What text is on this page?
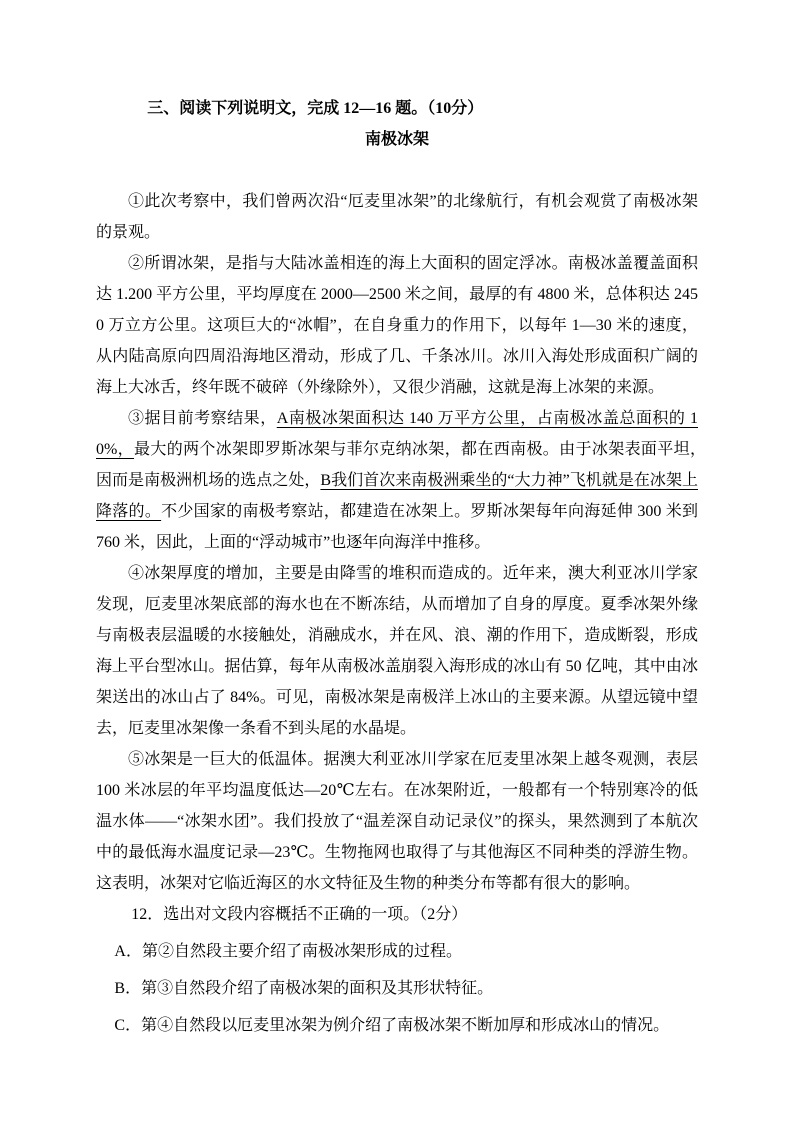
三、阅读下列说明文，完成 12—16 题。（10分）

南极冰架

①此次考察中，我们曾两次沿“厄麦里冰架”的北缘航行，有机会观赏了南极冰架的景观。

②所谓冰架，是指与大陆冰盖相连的海上大面积的固定浮冰。南极冰盖覆盖面积达 1.200 平方公里，平均厚度在 2000—2500 米之间，最厚的有 4800 米，总体积达 2450 万立方公里。这项巨大的“冰帽”，在自身重力的作用下，以每年 1—30 米的速度，从内陆高原向四周沿海地区滑动，形成了几、千条冰川。冰川入海处形成面积广阔的海上大冰舌，终年既不破碎（外缘除外），又很少消融，这就是海上冰架的来源。

③据目前考察结果，A南极冰架面积达 140 万平方公里，占南极冰盖总面积的 10%，最大的两个冰架即罗斯冰架与菲尔克纳冰架，都在西南极。由于冰架表面平坦，　　因而是南极洲机场的选点之处，B我们首次来南极洲乘坐的“大力神”飞机就是在冰架上降落的。不少国家的南极考察站，都建造在冰架上。罗斯冰架每年向海延伸 300 米到 760 米，因此，上面的“浮动城市”也逐年向海洋中推移。

④冰架厚度的增加，主要是由降雪的堆积而造成的。近年来，澳大利亚冰川学家发现，厄麦里冰架底部的海水也在不断冻结，从而增加了自身的厚度。夏季冰架外缘与南极表层温暖的水接触处，消融成水，并在风、浪、潮的作用下，造成断裂，形成海上平台型冰山。据估算，每年从南极冰盖崩裂入海形成的冰山有 50 亿吨，其中由冰架送出的冰山占了 84%。可见，南极冰架是南极洋上冰山的主要来源。从望远镜中望去，厄麦里冰架像一条看不到头尾的水晶堤。

⑤冰架是一巨大的低温体。据澳大利亚冰川学家在厄麦里冰架上越冬观测，表层 100 米冰层的年平均温度低达—20℃左右。在冰架附近，一般都有一个特别寒冷的低温水体——“冰架水团”。我们投放了“温差深自动记录仪”的探头，果然测到了本航次中的最低海水温度记录—23℃。生物拖网也取得了与其他海区不同种类的浮游生物。这表明，冰架对它临近海区的水文特征及生物的种类分布等都有很大的影响。

12．选出对文段内容概括不正确的一项。（2分）

A．第②自然段主要介绍了南极冰架形成的过程。

B．第③自然段介绍了南极冰架的面积及其形状特征。

C．第④自然段以厄麦里冰架为例介绍了南极冰架不断加厚和形成冰山的情况。
